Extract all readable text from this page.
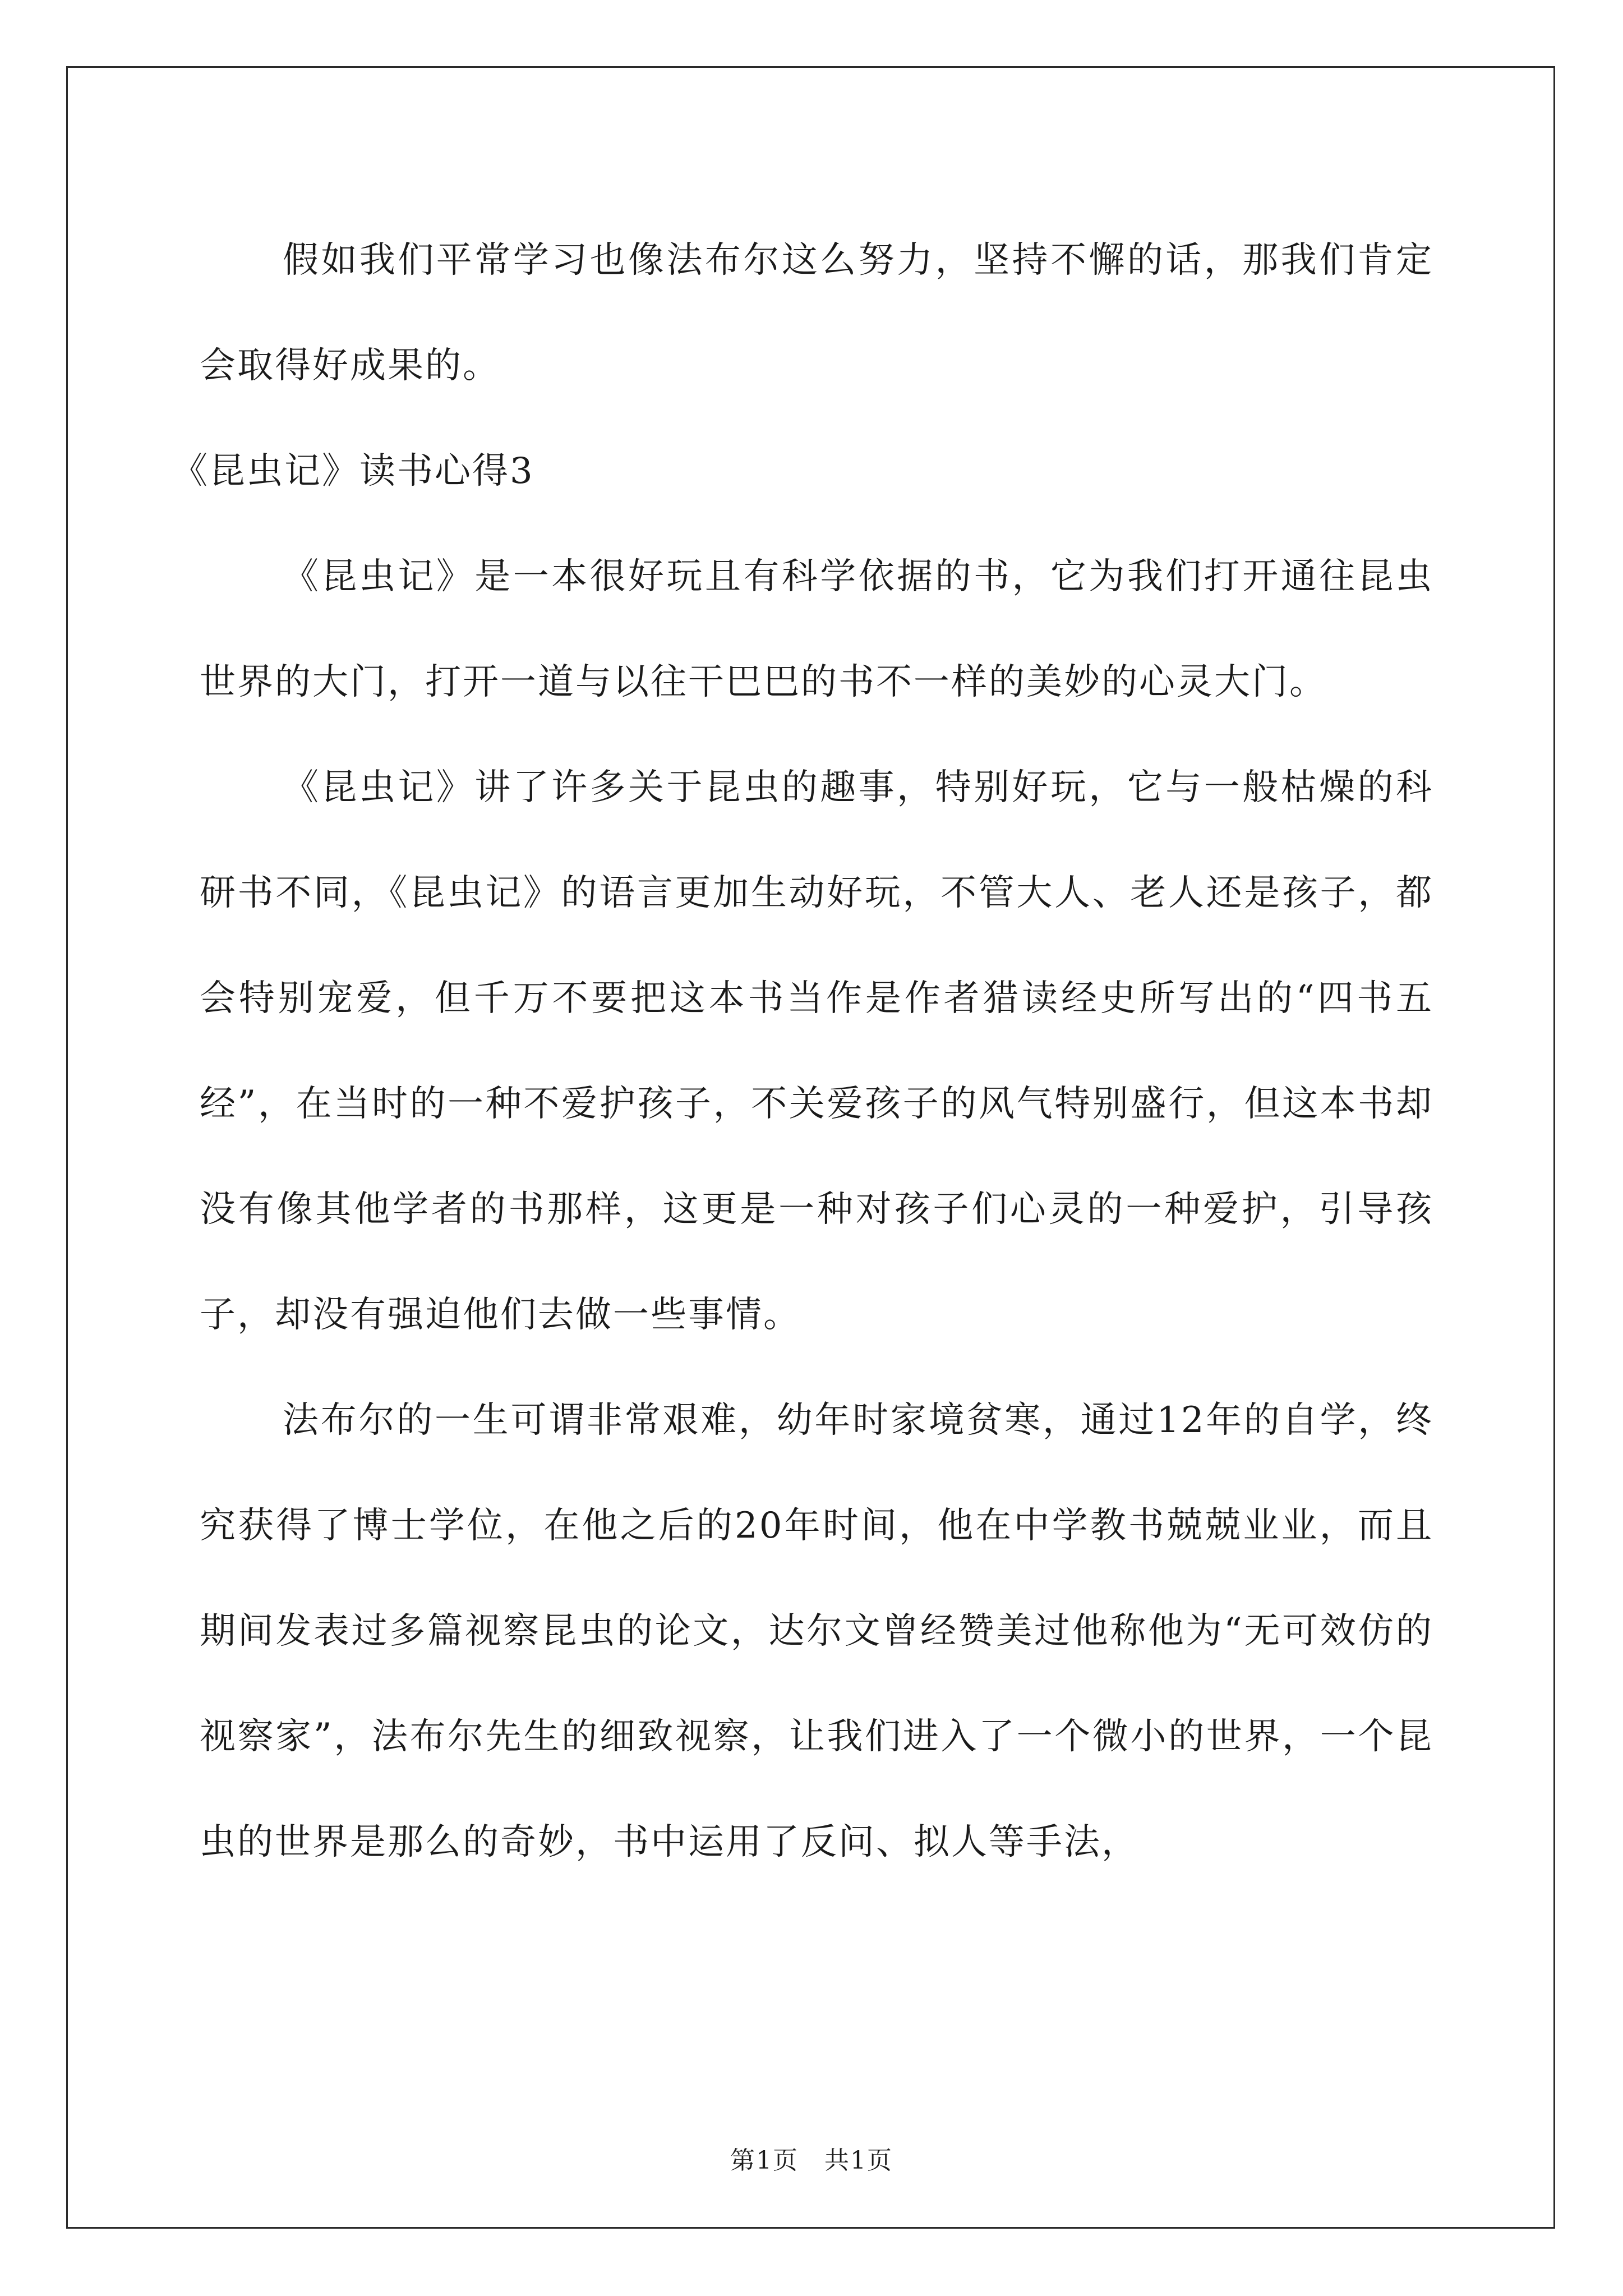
假如我们平常学习也像法布尔这么努力，坚持不懈的话，那我们肯定会取得好成果的。

《昆虫记》读书心得3

《昆虫记》是一本很好玩且有科学依据的书，它为我们打开通往昆虫世界的大门，打开一道与以往干巴巴的书不一样的美妙的心灵大门。

《昆虫记》讲了许多关于昆虫的趣事，特别好玩，它与一般枯燥的科研书不同，《昆虫记》的语言更加生动好玩，不管大人、老人还是孩子，都会特别宠爱，但千万不要把这本书当作是作者猎读经史所写出的“四书五经”，在当时的一种不爱护孩子，不关爱孩子的风气特别盛行，但这本书却没有像其他学者的书那样，这更是一种对孩子们心灵的一种爱护，引导孩子，却没有强迫他们去做一些事情。

法布尔的一生可谓非常艰难，幼年时家境贫寒，通过12年的自学，终究获得了博士学位，在他之后的20年时间，他在中学教书兢兢业业，而且期间发表过多篇视察昆虫的论文，达尔文曾经赞美过他称他为“无可效仿的视察家”，法布尔先生的细致视察，让我们进入了一个微小的世界，一个昆虫的世界是那么的奇妙，书中运用了反问、拟人等手法，

第1页　共1页
